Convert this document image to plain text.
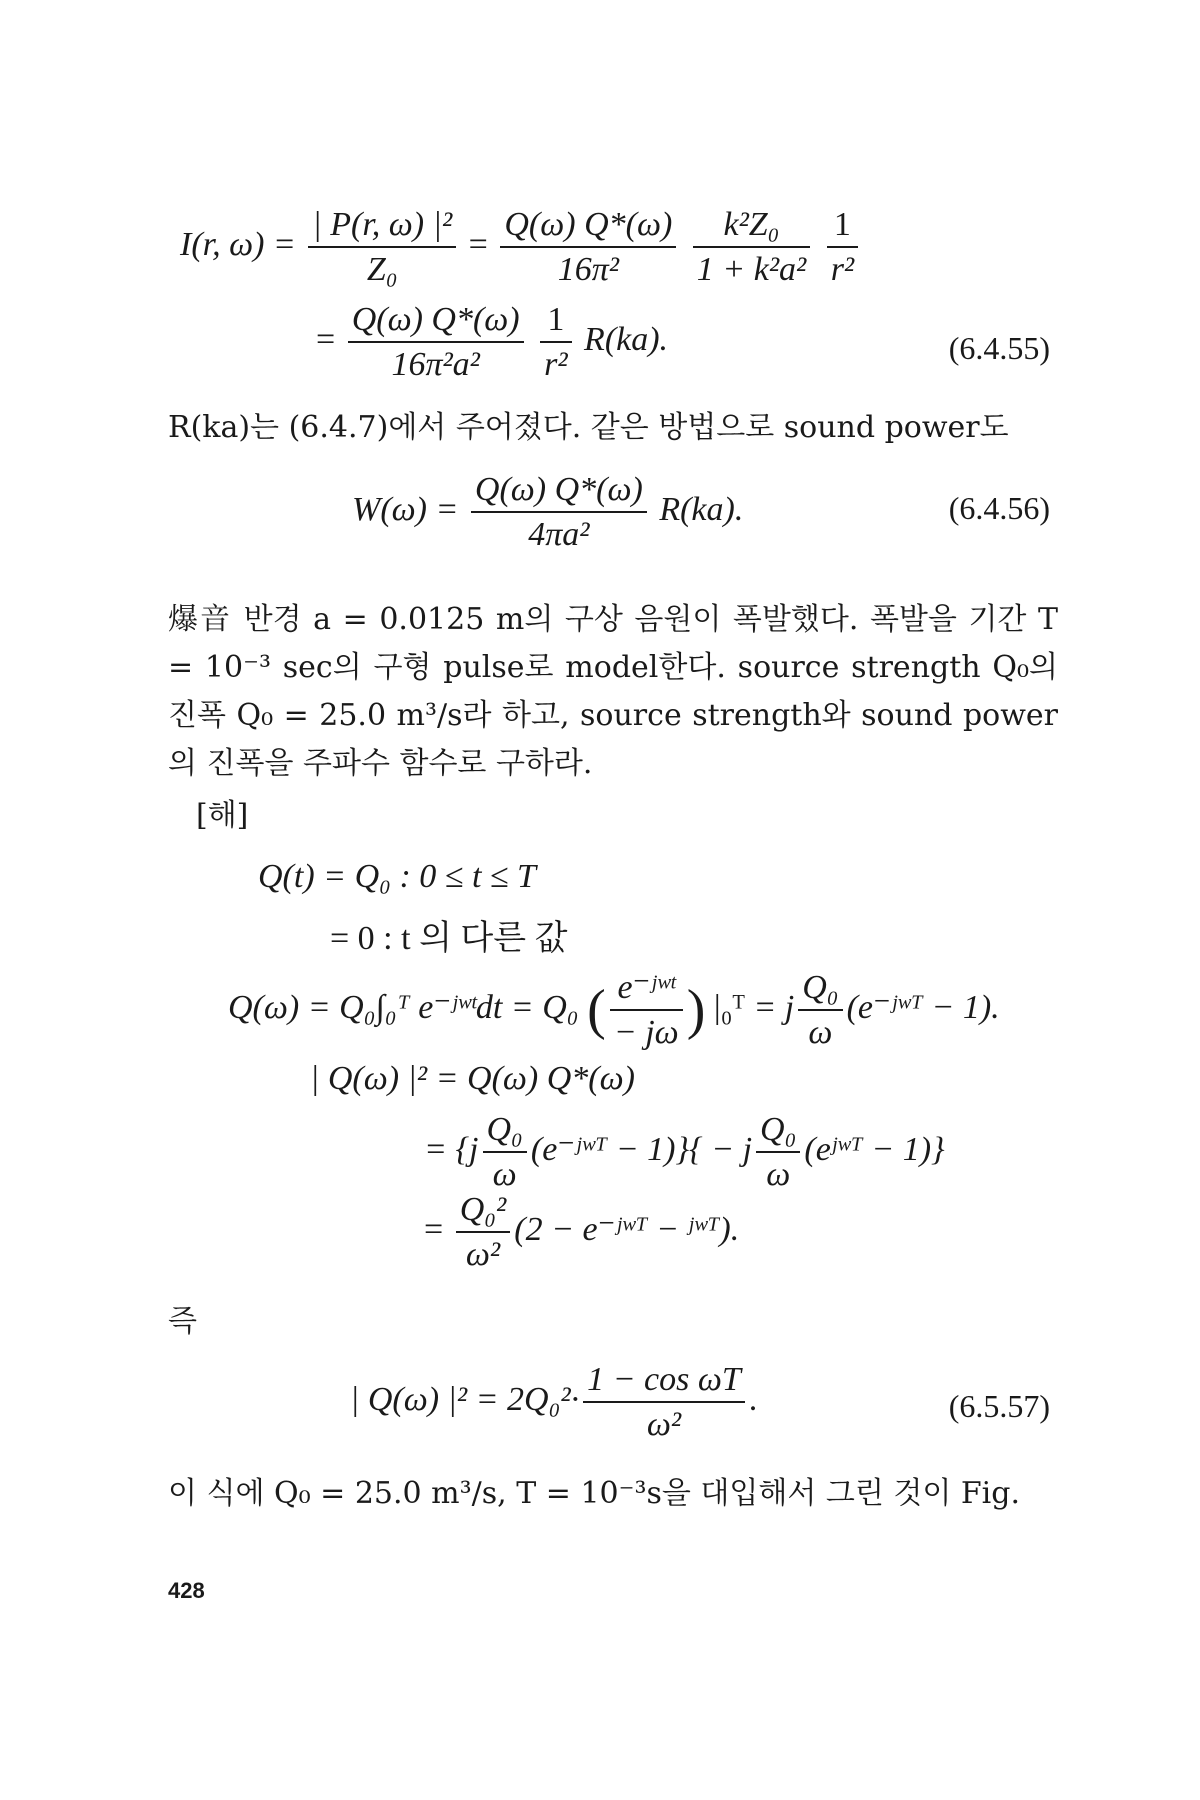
I(r, $\omega) = \frac{\text{| P(r, ω) |²}}{\text{Z₀}} = \frac{Q(\omega) Q*(\omega)}{\text{16π²}}$
$\frac{\text{k²Z₀}}{\text{1 + k²a²}}$
$\frac{1}{\text{r²}}$
= $\frac{Q(\omega) Q*(\omega)}{\text{16π²a²}}$
$\frac{1}{\text{r²}} R(ka)$.	(6.4.55)
R(ka)는 (6.4.7)에서 주어졌다. 같은 방법으로 sound power도
$W(\omega) = \frac{Q(\omega) Q*(\omega)}{\text{4πa²}} R(ka)$.	(6.4.56)
爆音 반경 a = 0.0125 m의 구상 음원이 폭발했다. 폭발을 기간 T = 10⁻³ sec의 구형 pulse로 model한다. source strength Q₀의 진폭 Q₀ = 25.0 m³/s라 하고, source strength와 sound power의 진폭을 주파수 함수로 구하라.
[해]
Q(t) = Q₀ : 0 ≤ t ≤ T
= 0 : t 의 다른 값
Q(ω) = Q₀∫₀ᵀ e⁻ʲʷᵗdt = Q₀ ( $\frac{\text{e⁻ʲʷᵗ}}{- j\omega}$ ) |₀ᵀ = j $\frac{\text{Q₀}}{\omega}$ (e⁻ʲʷᵀ − 1).
| Q(ω) |² = Q(ω) Q*(ω)
= {$j \frac{\text{Q₀}}{\omega}$ (e⁻ʲʷᵀ − 1)}{ − j $\frac{\text{Q₀}}{\omega}$ (eʲʷᵀ − 1)}
= $\frac{\text{Q₀²}}{\text{ω²}} (2$ − e⁻ʲʷᵀ − ʲʷᵀ).
즉
| Q(ω) $|^2 = 2Q_0^2\cdot \frac{\text{1 − cos ωT}}{\text{ω²}}$ .	(6.5.57)
이 식에 Q₀ = 25.0 m³/s, T = 10⁻³s을 대입해서 그린 것이 Fig.
428
